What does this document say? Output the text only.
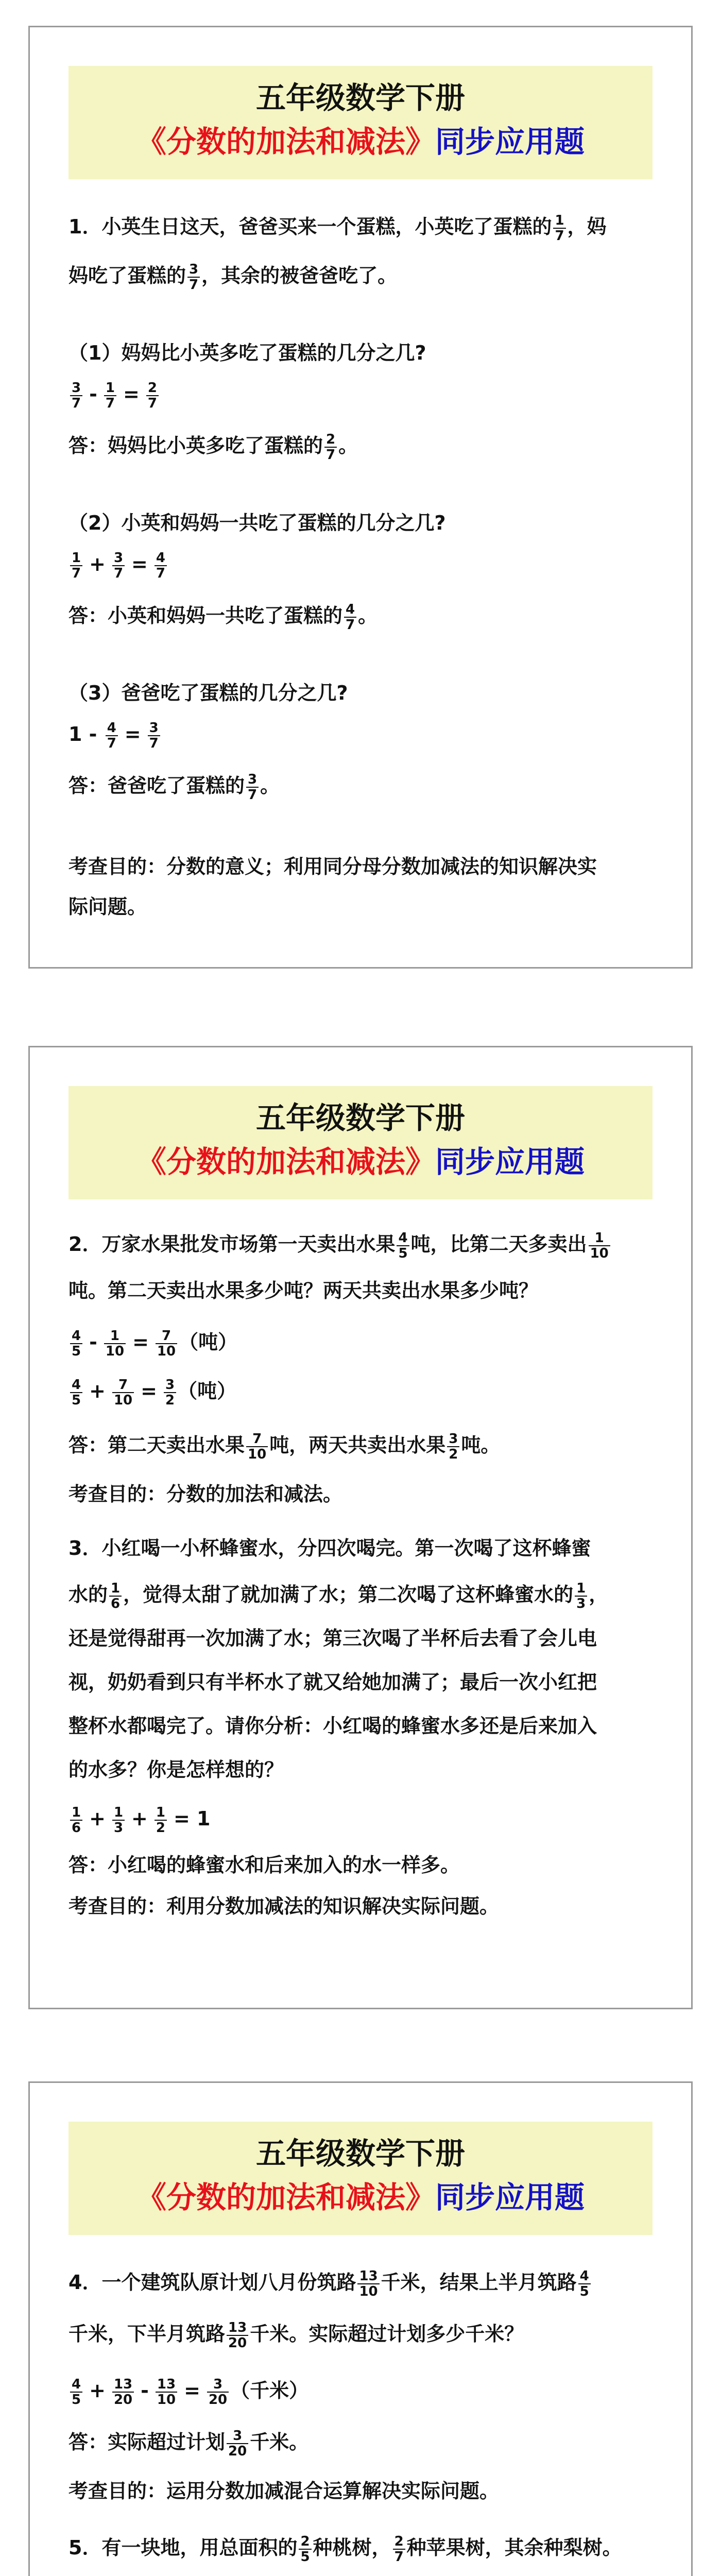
五年级数学下册
《分数的加法和减法》同步应用题
1．小英生日这天，爸爸买来一个蛋糕，小英吃了蛋糕的 $\frac{1}{7}$ ，妈
妈吃了蛋糕的 $\frac{3}{7}$ ，其余的被爸爸吃了。
（1）妈妈比小英多吃了蛋糕的几分之几?
$\frac{3}{7} - \frac{1}{7} = \frac{2}{7}$
答：妈妈比小英多吃了蛋糕的 $\frac{2}{7}$ 。
（2）小英和妈妈一共吃了蛋糕的几分之几?
$\frac{1}{7} + \frac{3}{7} = \frac{4}{7}$
答：小英和妈妈一共吃了蛋糕的 $\frac{4}{7}$ 。
（3）爸爸吃了蛋糕的几分之几?
$1 - \frac{4}{7} = \frac{3}{7}$
答：爸爸吃了蛋糕的 $\frac{3}{7}$ 。
考查目的：分数的意义；利用同分母分数加减法的知识解决实
际问题。
五年级数学下册
《分数的加法和减法》同步应用题
2．万家水果批发市场第一天卖出水果 $\frac{4}{5}$ 吨，比第二天多卖出 $\frac{1}{10}$
吨。第二天卖出水果多少吨？两天共卖出水果多少吨？
$\frac{4}{5} - \frac{1}{10} = \frac{7}{10}$ （吨）
$\frac{4}{5} + \frac{7}{10} = \frac{3}{2}$ （吨）
答：第二天卖出水果 $\frac{7}{10}$ 吨，两天共卖出水果 $\frac{3}{2}$ 吨。
考查目的：分数的加法和减法。
3．小红喝一小杯蜂蜜水，分四次喝完。第一次喝了这杯蜂蜜
水的 $\frac{1}{6}$ ，觉得太甜了就加满了水；第二次喝了这杯蜂蜜水的 $\frac{1}{3}$ ，
还是觉得甜再一次加满了水；第三次喝了半杯后去看了会儿电
视，奶奶看到只有半杯水了就又给她加满了；最后一次小红把
整杯水都喝完了。请你分析：小红喝的蜂蜜水多还是后来加入
的水多？你是怎样想的？
$\frac{1}{6} + \frac{1}{3} + \frac{1}{2} = 1$
答：小红喝的蜂蜜水和后来加入的水一样多。
考查目的：利用分数加减法的知识解决实际问题。
五年级数学下册
《分数的加法和减法》同步应用题
4．一个建筑队原计划八月份筑路 $\frac{13}{10}$ 千米，结果上半月筑路 $\frac{4}{5}$
千米，下半月筑路 $\frac{13}{20}$ 千米。实际超过计划多少千米？
$\frac{4}{5} + \frac{13}{20} - \frac{13}{10} = \frac{3}{20}$ （千米）
答：实际超过计划 $\frac{3}{20}$ 千米。
考查目的：运用分数加减混合运算解决实际问题。
5．有一块地，用总面积的 $\frac{2}{5}$ 种桃树， $\frac{2}{7}$ 种苹果树，其余种梨树。
